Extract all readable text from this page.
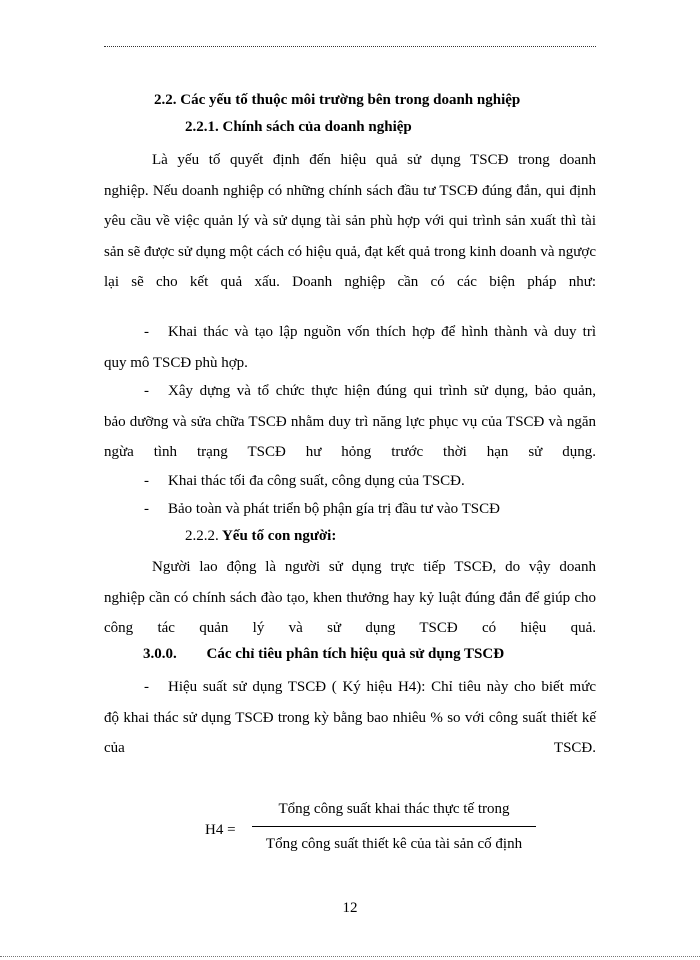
2.2. Các yếu tố thuộc môi trường bên trong doanh nghiệp
2.2.1. Chính sách của doanh nghiệp
Là yếu tố quyết định đến hiệu quả sử dụng TSCĐ trong doanh
nghiệp. Nếu doanh nghiệp có những chính sách đầu tư TSCĐ đúng đắn, qui định yêu cầu về việc quản lý và sử dụng tài sản phù hợp với qui trình sản xuất thì tài sản sẽ được sử dụng một cách có hiệu quả, đạt kết quả trong kinh doanh và ngược lại sẽ cho kết quả xấu. Doanh nghiệp cần có các biện pháp như:
- Khai thác và tạo lập nguồn vốn thích hợp để hình thành và duy trì
quy mô TSCĐ phù hợp.
- Xây dựng và tổ chức thực hiện đúng qui trình sử dụng, bảo quản,
bảo dưỡng và sửa chữa TSCĐ nhằm duy trì năng lực phục vụ của TSCĐ và ngăn ngừa tình trạng TSCĐ hư hỏng trước thời hạn sử dụng.
- Khai thác tối đa công suất, công dụng của TSCĐ.
- Bảo toàn và phát triển bộ phận gía trị đầu tư vào TSCĐ
2.2.2. Yếu tố con người:
Người lao động là người sử dụng trực tiếp TSCĐ, do vậy doanh
nghiệp cần có chính sách đào tạo, khen thưởng hay kỷ luật đúng đắn để giúp cho công tác quản lý và sử dụng TSCĐ có hiệu quả.
3.0.0. Các chỉ tiêu phân tích hiệu quả sử dụng TSCĐ
- Hiệu suất sử dụng TSCĐ ( Ký hiệu H4): Chỉ tiêu này cho biết mức
độ khai thác sử dụng TSCĐ trong kỳ bằng bao nhiêu % so với công suất thiết kế của TSCĐ.
H4 =
Tổng công suất khai thác thực tế trong
Tổng công suất thiết kê của tài sản cố định
12
